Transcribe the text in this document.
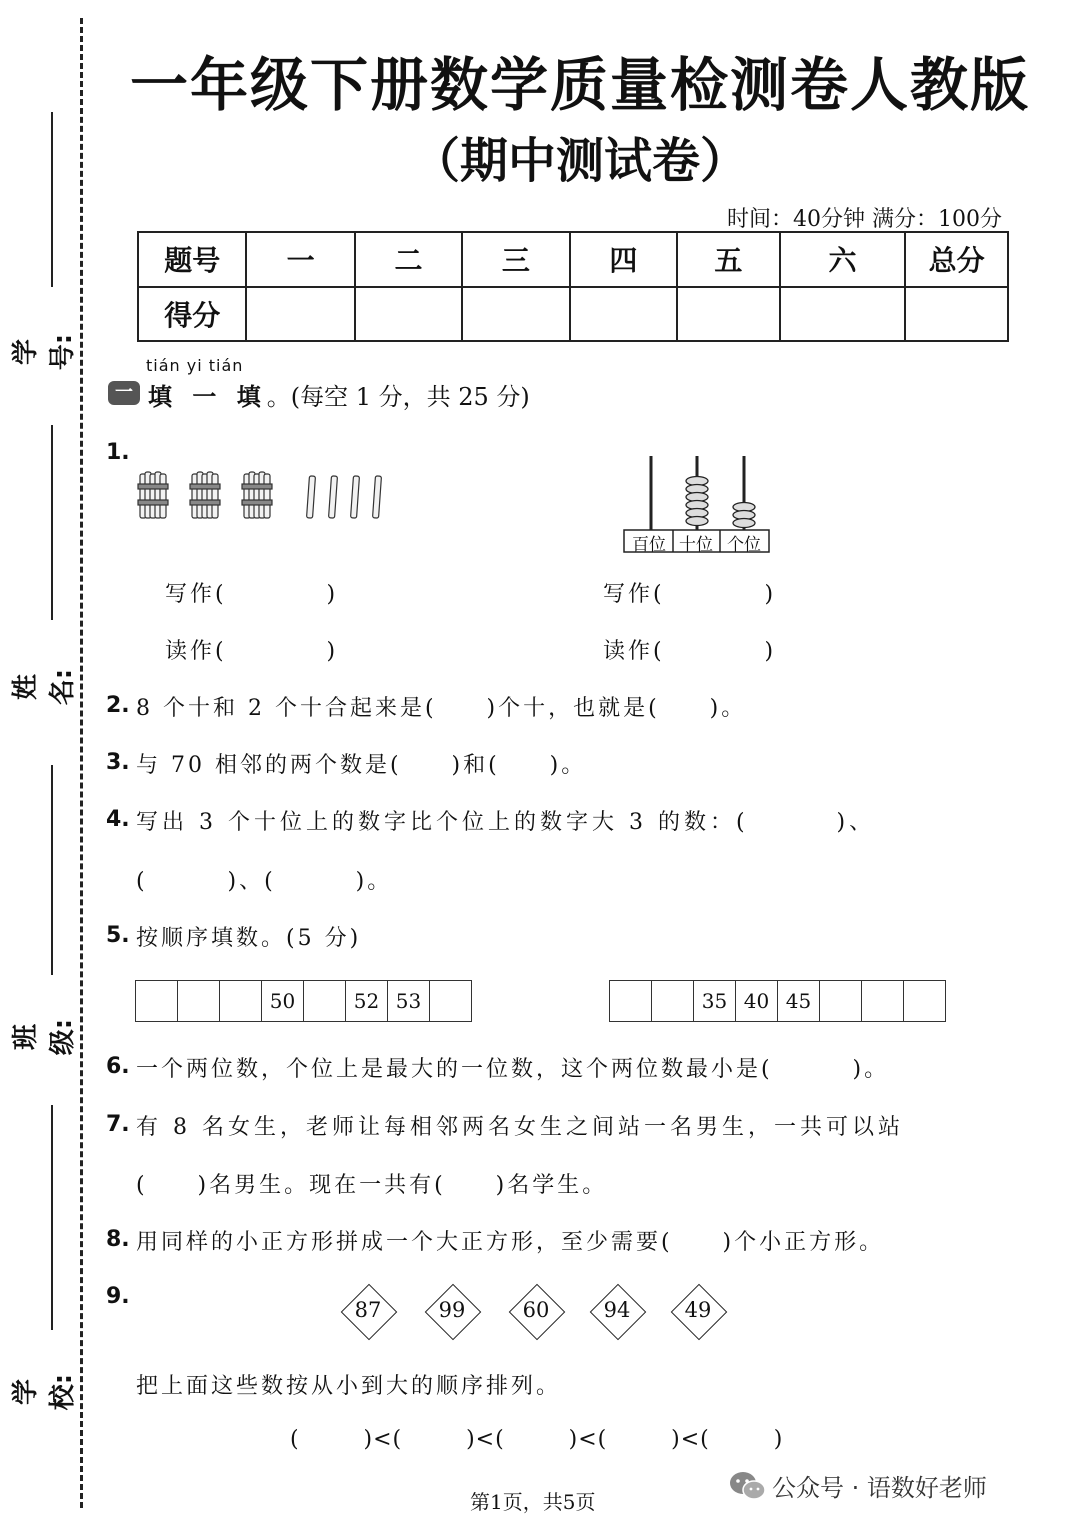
学号:
姓名:
班级:
学校:
一年级下册数学质量检测卷人教版
（期中测试卷）
时间：40分钟 满分：100分
题号	一	二	三	四	五	六	总分
得分							
tián yi tián
一 填 一 填。(每空 1 分，共 25 分)
1.
百位 十位 个位
写作(          )
读作(          )
写作(          )
读作(          )
2. 8 个十和 2 个十合起来是(     )个十，也就是(     )。
3. 与 70 相邻的两个数是(     )和(     )。
4. 写出 3 个十位上的数字比个位上的数字大 3 的数：(        )、
(        )、(        )。
5. 按顺序填数。(5 分)
			50		52	53	
			35	40	45			
6. 一个两位数，个位上是最大的一位数，这个两位数最小是(        )。
7. 有 8 名女生，老师让每相邻两名女生之间站一名男生，一共可以站
(     )名男生。现在一共有(     )名学生。
8. 用同样的小正方形拼成一个大正方形，至少需要(     )个小正方形。
9.
87	99	60	94	49
把上面这些数按从小到大的顺序排列。
(        )<(        )<(        )<(        )<(        )
第1页，共5页	公众号 · 语数好老师
